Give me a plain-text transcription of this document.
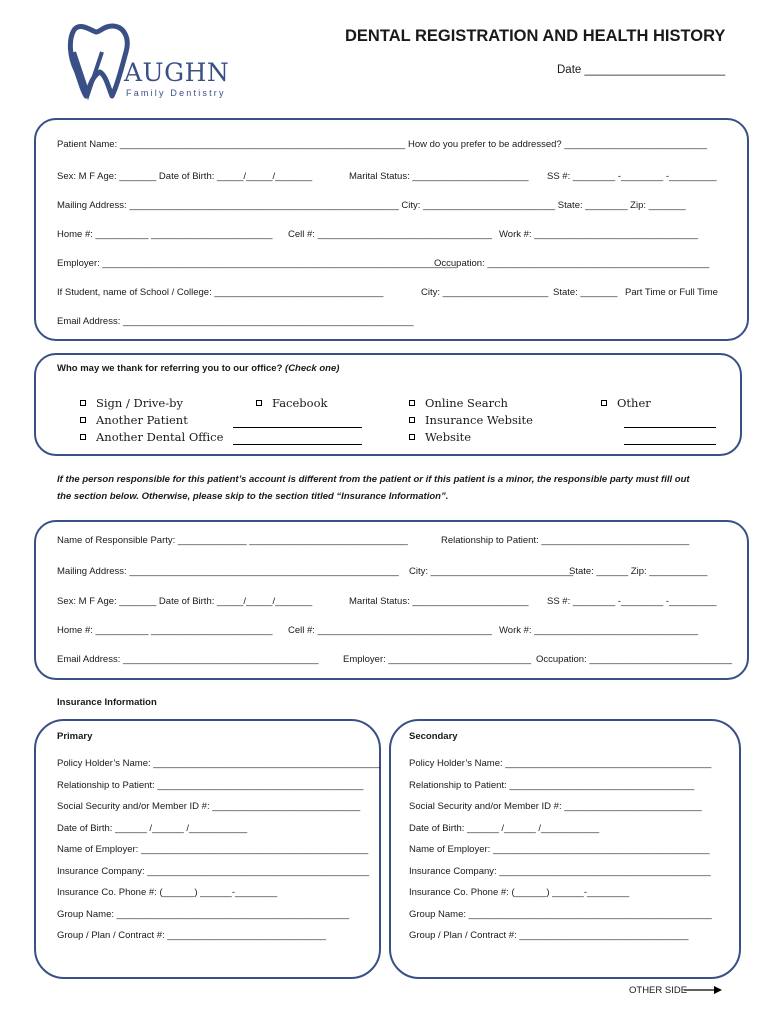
AUGHN
Family Dentistry
DENTAL REGISTRATION AND HEALTH HISTORY
Date ______________________
Patient Name: ______________________________________________________ How do you prefer to be addressed? ___________________________
Sex: M F Age: _______ Date of Birth: _____/_____/_______	Marital Status: ______________________ SS #: ________ -________ -_________
Mailing Address: ___________________________________________________ City: _________________________ State: ________ Zip: _______
Home #: __________ _______________________ Cell #: _________________________________ Work #: _______________________________
Employer: ___________________________________________________________________
Occupation: __________________________________________
If Student, name of School / College: ________________________________	City: ____________________ State: _______ Part Time or Full Time
Email Address: _______________________________________________________
Who may we thank for referring you to our office? (Check one)
Sign / Drive-by
Another Patient
Another Dental Office
Facebook	Online Search
Insurance Website
Website
Other
If the person responsible for this patient’s account is different from the patient or if this patient is a minor, the responsible party must fill out
the section below. Otherwise, please skip to the section titled “Insurance Information”.
Name of Responsible Party: _____________ ______________________________	Relationship to Patient: ____________________________
Mailing Address: ___________________________________________________ City: ___________________________
State: ______ Zip: ___________
Sex: M F Age: _______ Date of Birth: _____/_____/_______	Marital Status: ______________________ SS #: ________ -________ -_________
Home #: __________ _______________________ Cell #: _________________________________ Work #: _______________________________
Email Address: _____________________________________	Employer: ___________________________ Occupation: ___________________________
Insurance Information
Primary
Policy Holder’s Name: ___________________________________________
Relationship to Patient: _______________________________________
Social Security and/or Member ID #: ____________________________
Date of Birth: ______ /______ /___________
Name of Employer: ___________________________________________
Insurance Company: __________________________________________
Insurance Co. Phone #: (______) ______-________
Group Name: ____________________________________________
Group / Plan / Contract #: ______________________________
Secondary
Policy Holder’s Name: _______________________________________
Relationship to Patient: ___________________________________
Social Security and/or Member ID #: __________________________
Date of Birth: ______ /______ /___________
Name of Employer: _________________________________________
Insurance Company: ________________________________________
Insurance Co. Phone #: (______) ______-________
Group Name: ______________________________________________
Group / Plan / Contract #: ________________________________
OTHER SIDE
